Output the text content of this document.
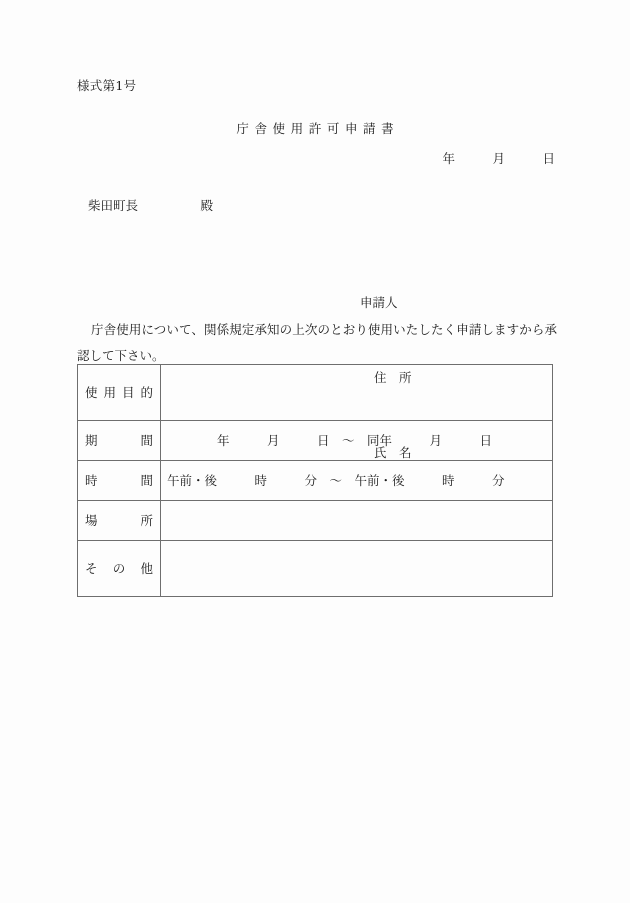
様式第1号
庁舎使用許可申請書
年　　　月　　　日
柴田町長　　　　　殿

申請人

住　所

氏　名

庁舎使用について、関係規定承知の上次のとおり使用いたしたく申請しますから承認して下さい。
使用目的	

期間	年　　　月　　　日　〜　同年　　　月　　　日

時間	午前・後　　　時　　　分　〜　午前・後　　　時　　　分

場所	

その他	
